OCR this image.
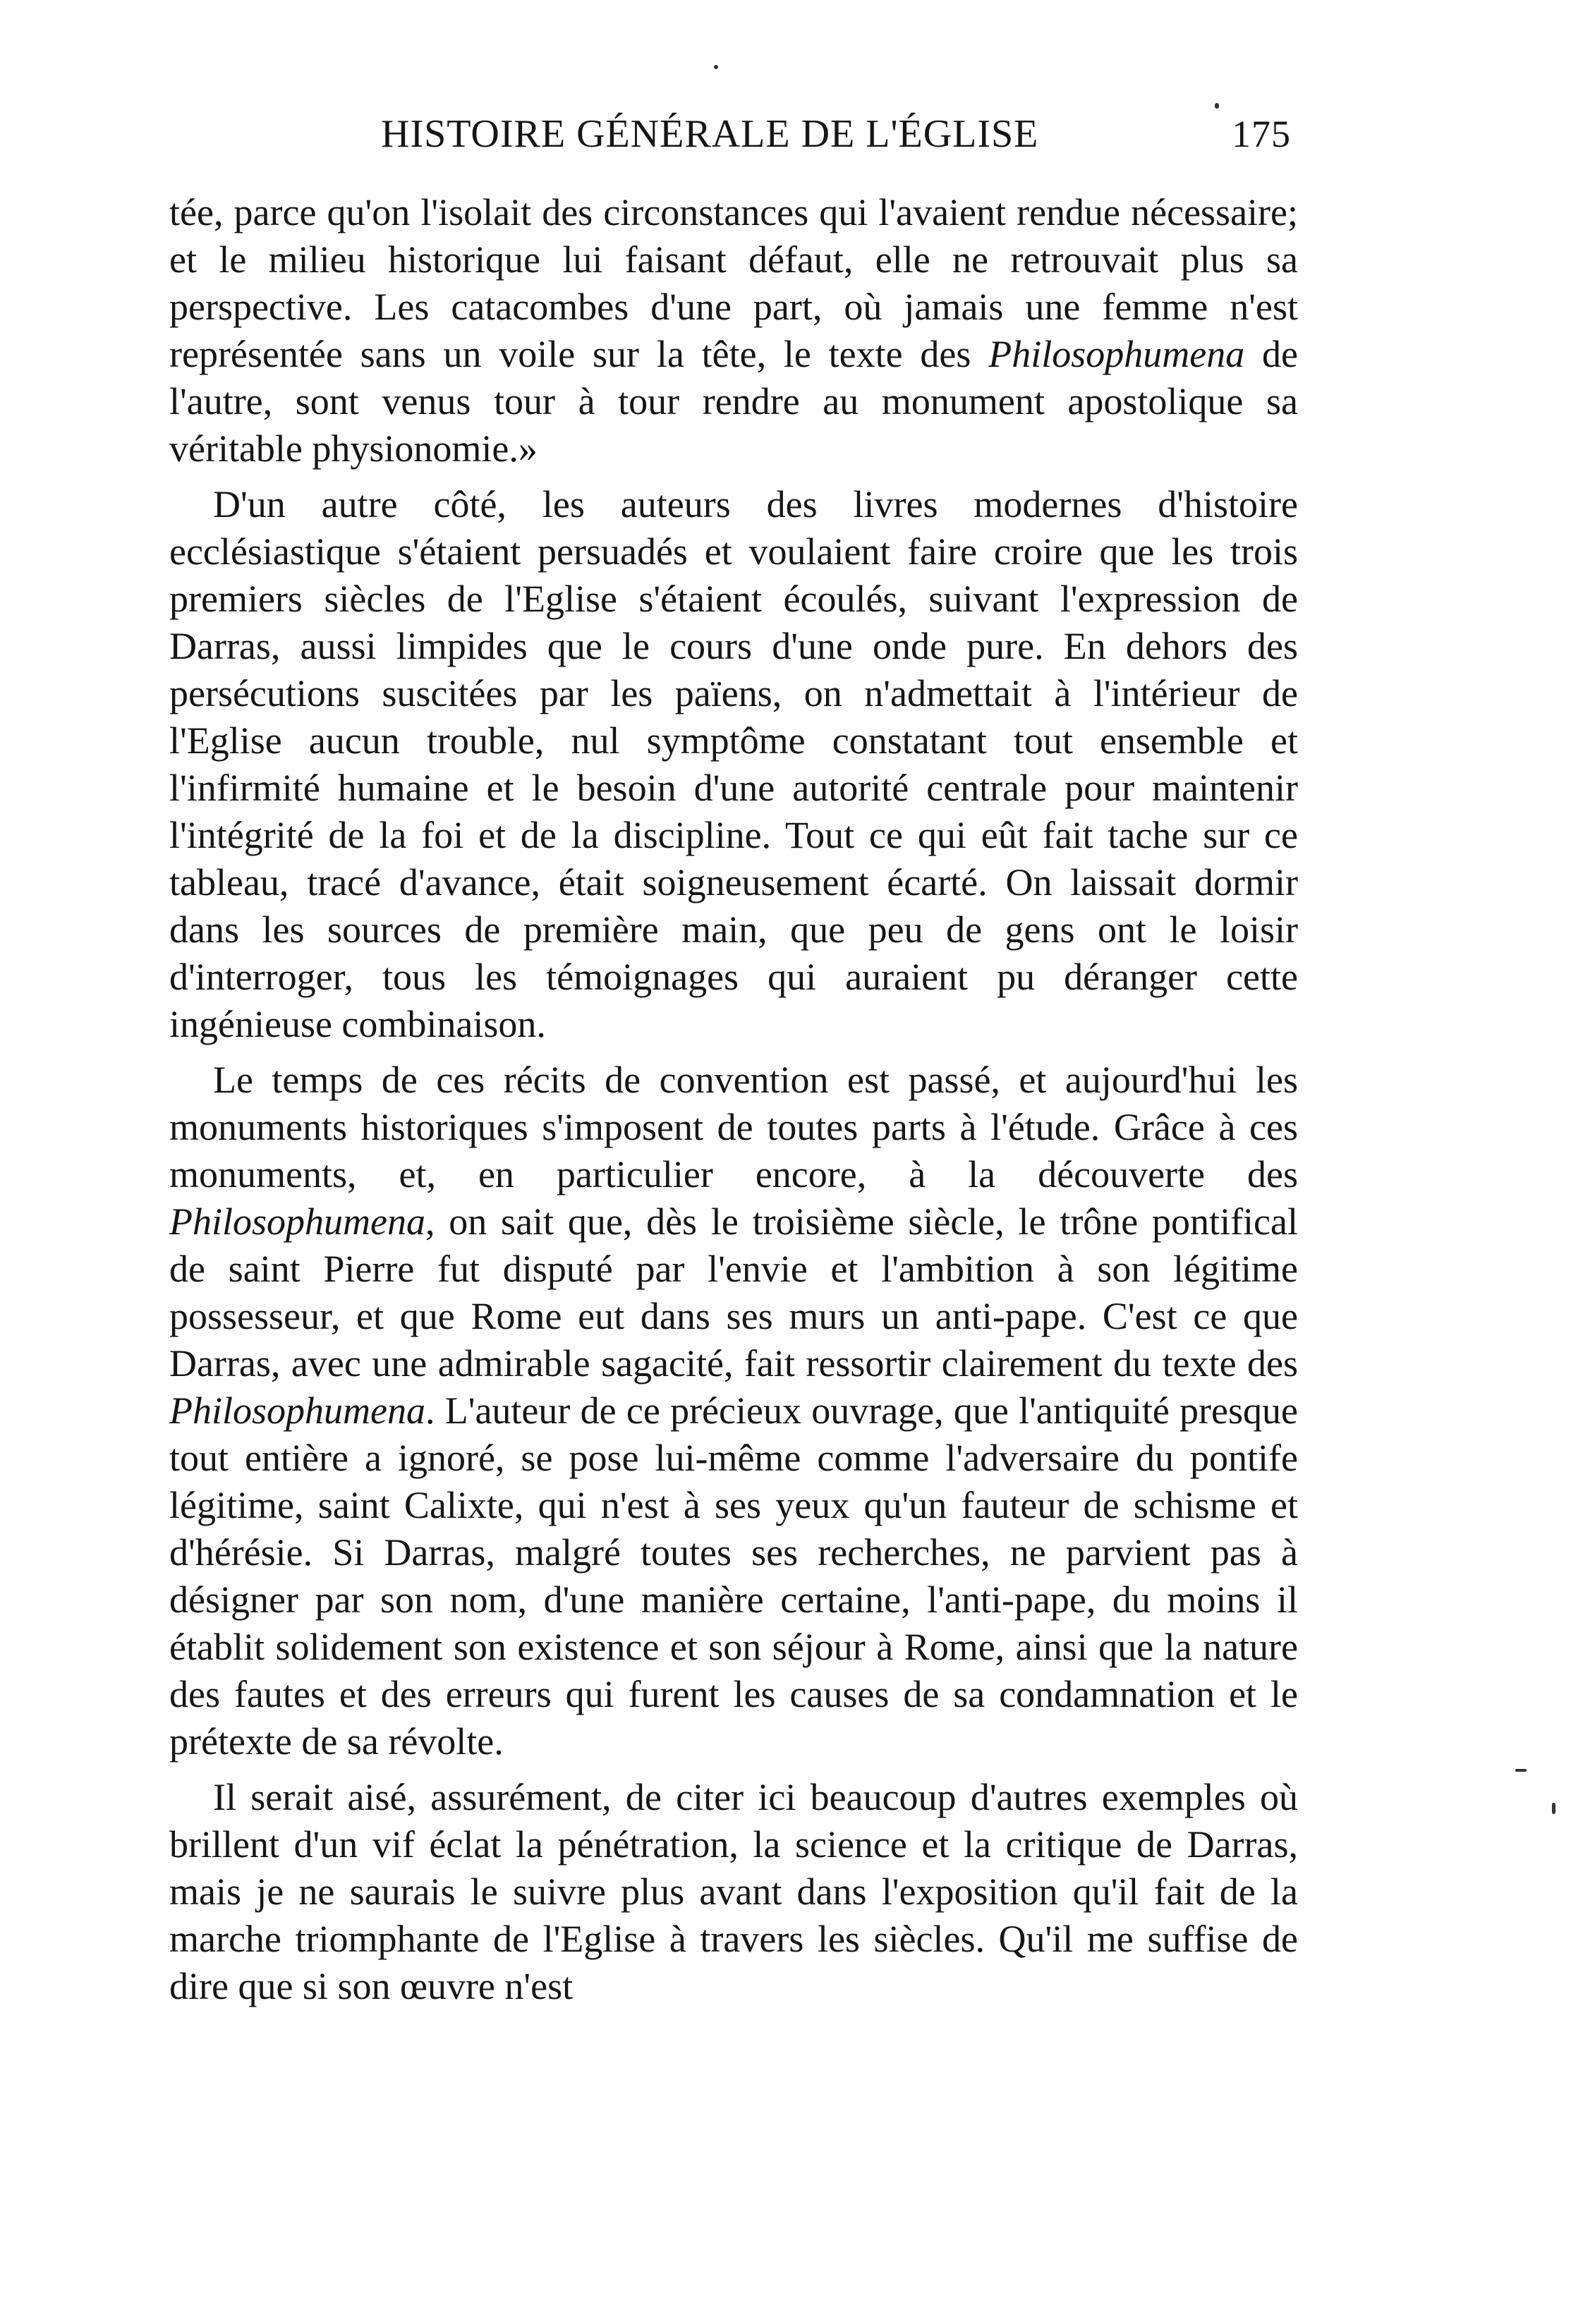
HISTOIRE GÉNÉRALE DE L'ÉGLISE	175

tée, parce qu'on l'isolait des circonstances qui l'avaient rendue nécessaire; et le milieu historique lui faisant défaut, elle ne retrouvait plus sa perspective. Les catacombes d'une part, où jamais une femme n'est représentée sans un voile sur la tête, le texte des Philosophumena de l'autre, sont venus tour à tour rendre au monument apostolique sa véritable physionomie.»

D'un autre côté, les auteurs des livres modernes d'histoire ecclésiastique s'étaient persuadés et voulaient faire croire que les trois premiers siècles de l'Eglise s'étaient écoulés, suivant l'expression de Darras, aussi limpides que le cours d'une onde pure. En dehors des persécutions suscitées par les païens, on n'admettait à l'intérieur de l'Eglise aucun trouble, nul symptôme constatant tout ensemble et l'infirmité humaine et le besoin d'une autorité centrale pour maintenir l'intégrité de la foi et de la discipline. Tout ce qui eût fait tache sur ce tableau, tracé d'avance, était soigneusement écarté. On laissait dormir dans les sources de première main, que peu de gens ont le loisir d'interroger, tous les témoignages qui auraient pu déranger cette ingénieuse combinaison.

Le temps de ces récits de convention est passé, et aujourd'hui les monuments historiques s'imposent de toutes parts à l'étude. Grâce à ces monuments, et, en particulier encore, à la découverte des Philosophumena, on sait que, dès le troisième siècle, le trône pontifical de saint Pierre fut disputé par l'envie et l'ambition à son légitime possesseur, et que Rome eut dans ses murs un anti-pape. C'est ce que Darras, avec une admirable sagacité, fait ressortir clairement du texte des Philosophumena. L'auteur de ce précieux ouvrage, que l'antiquité presque tout entière a ignoré, se pose lui-même comme l'adversaire du pontife légitime, saint Calixte, qui n'est à ses yeux qu'un fauteur de schisme et d'hérésie. Si Darras, malgré toutes ses recherches, ne parvient pas à désigner par son nom, d'une manière certaine, l'anti-pape, du moins il établit solidement son existence et son séjour à Rome, ainsi que la nature des fautes et des erreurs qui furent les causes de sa condamnation et le prétexte de sa révolte.

Il serait aisé, assurément, de citer ici beaucoup d'autres exemples où brillent d'un vif éclat la pénétration, la science et la critique de Darras, mais je ne saurais le suivre plus avant dans l'exposition qu'il fait de la marche triomphante de l'Eglise à travers les siècles. Qu'il me suffise de dire que si son œuvre n'est
